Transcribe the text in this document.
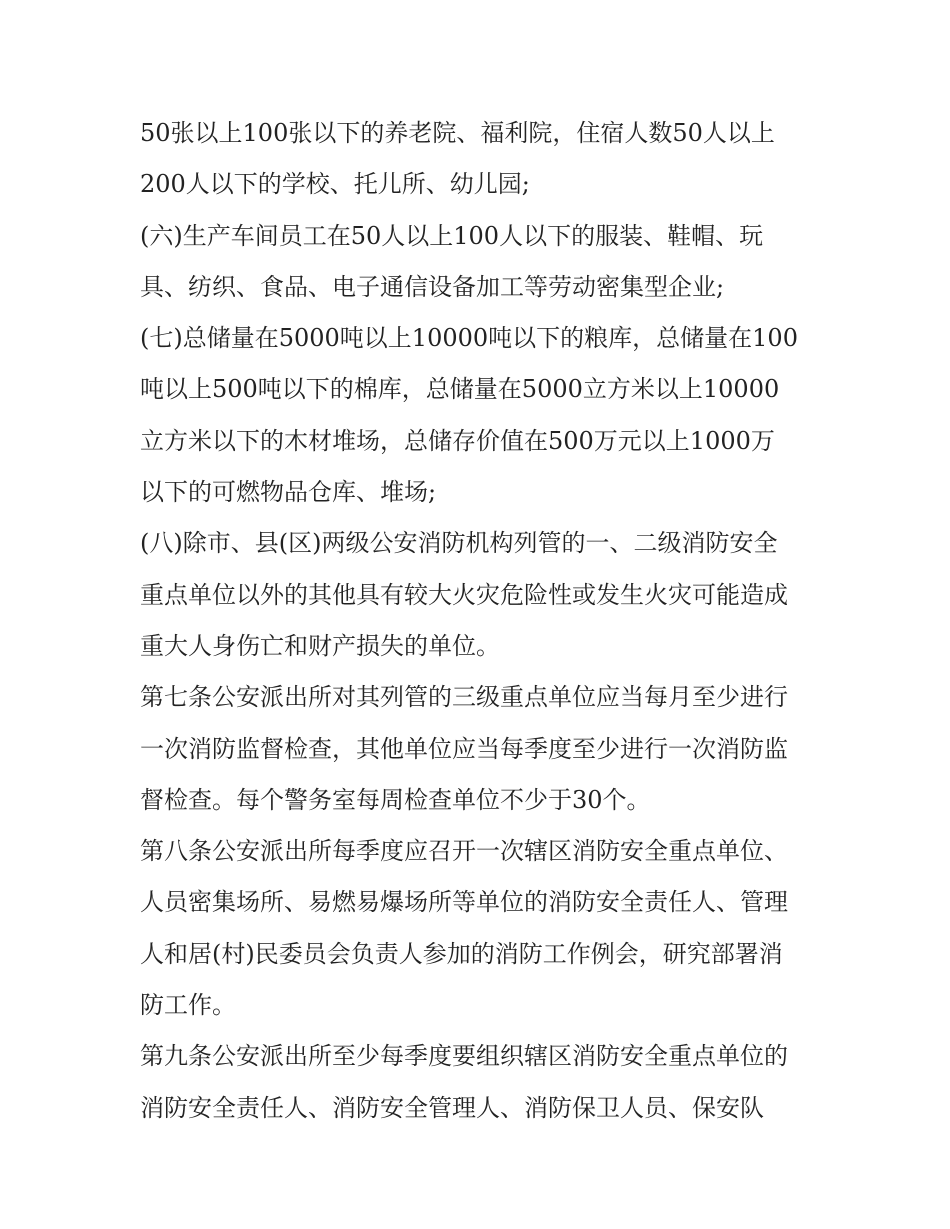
50张以上100张以下的养老院、福利院，住宿人数50人以上
200人以下的学校、托儿所、幼儿园;
(六)生产车间员工在50人以上100人以下的服装、鞋帽、玩
具、纺织、食品、电子通信设备加工等劳动密集型企业;
(七)总储量在5000吨以上10000吨以下的粮库，总储量在100
吨以上500吨以下的棉库，总储量在5000立方米以上10000
立方米以下的木材堆场，总储存价值在500万元以上1000万
以下的可燃物品仓库、堆场;
(八)除市、县(区)两级公安消防机构列管的一、二级消防安全
重点单位以外的其他具有较大火灾危险性或发生火灾可能造成
重大人身伤亡和财产损失的单位。
第七条公安派出所对其列管的三级重点单位应当每月至少进行
一次消防监督检查，其他单位应当每季度至少进行一次消防监
督检查。每个警务室每周检查单位不少于30个。
第八条公安派出所每季度应召开一次辖区消防安全重点单位、
人员密集场所、易燃易爆场所等单位的消防安全责任人、管理
人和居(村)民委员会负责人参加的消防工作例会，研究部署消
防工作。
第九条公安派出所至少每季度要组织辖区消防安全重点单位的
消防安全责任人、消防安全管理人、消防保卫人员、保安队
